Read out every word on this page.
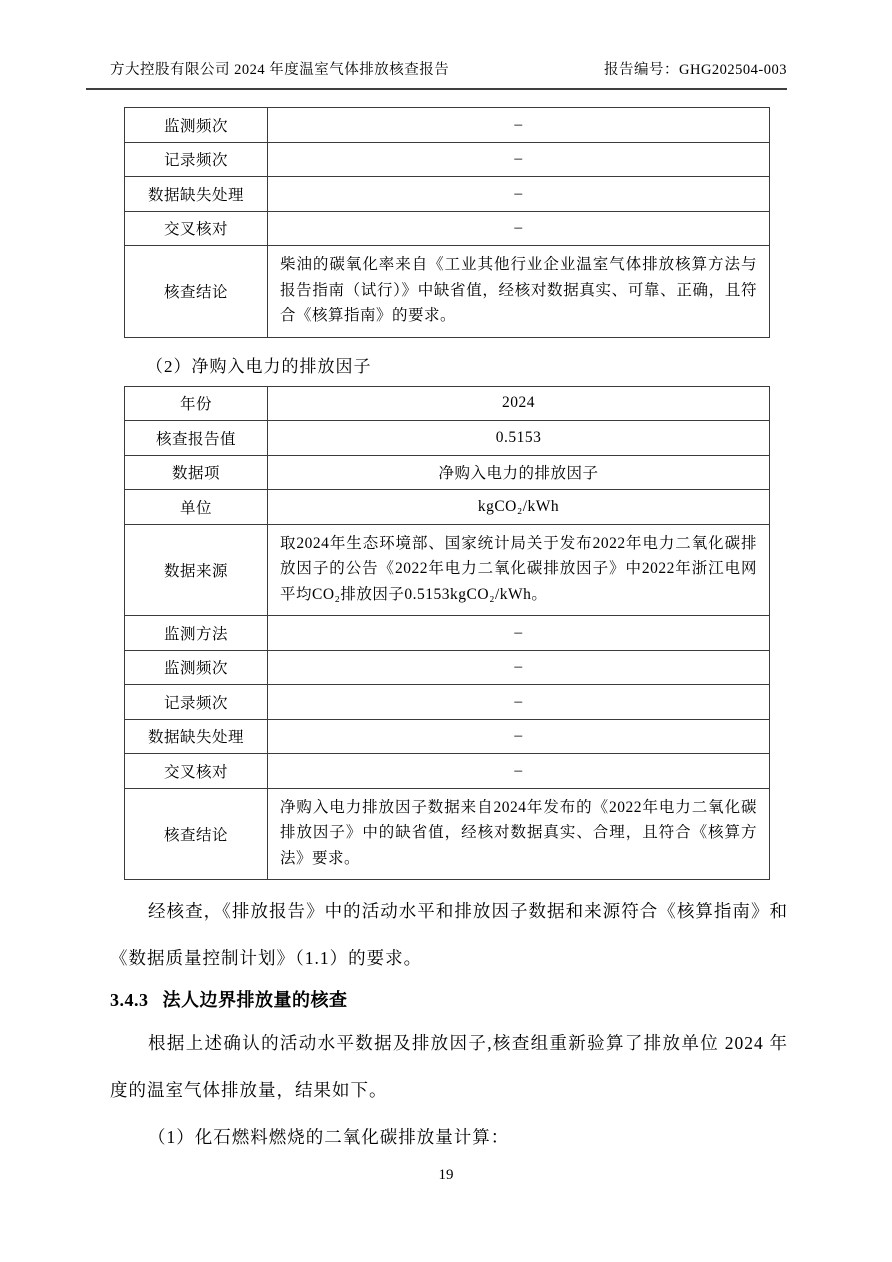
方大控股有限公司 2024 年度温室气体排放核查报告	报告编号：GHG202504-003
监测频次	–
记录频次	–
数据缺失处理	–
交叉核对	–
核查结论	柴油的碳氧化率来自《工业其他行业企业温室气体排放核算方法与报告指南（试行）》中缺省值，经核对数据真实、可靠、正确，且符合《核算指南》的要求。

（2）净购入电力的排放因子

年份	2024
核查报告值	0.5153
数据项	净购入电力的排放因子
单位	kgCO₂/kWh
数据来源	取2024年生态环境部、国家统计局关于发布2022年电力二氧化碳排放因子的公告《2022年电力二氧化碳排放因子》中2022年浙江电网平均CO₂排放因子0.5153kgCO₂/kWh。
监测方法	–
监测频次	–
记录频次	–
数据缺失处理	–
交叉核对	–
核查结论	净购入电力排放因子数据来自2024年发布的《2022年电力二氧化碳排放因子》中的缺省值，经核对数据真实、合理，且符合《核算方法》要求。

经核查，《排放报告》中的活动水平和排放因子数据和来源符合《核算指南》和《数据质量控制计划》（1.1）的要求。

3.4.3 法人边界排放量的核查

根据上述确认的活动水平数据及排放因子,核查组重新验算了排放单位 2024 年度的温室气体排放量，结果如下。

（1）化石燃料燃烧的二氧化碳排放量计算：

19
